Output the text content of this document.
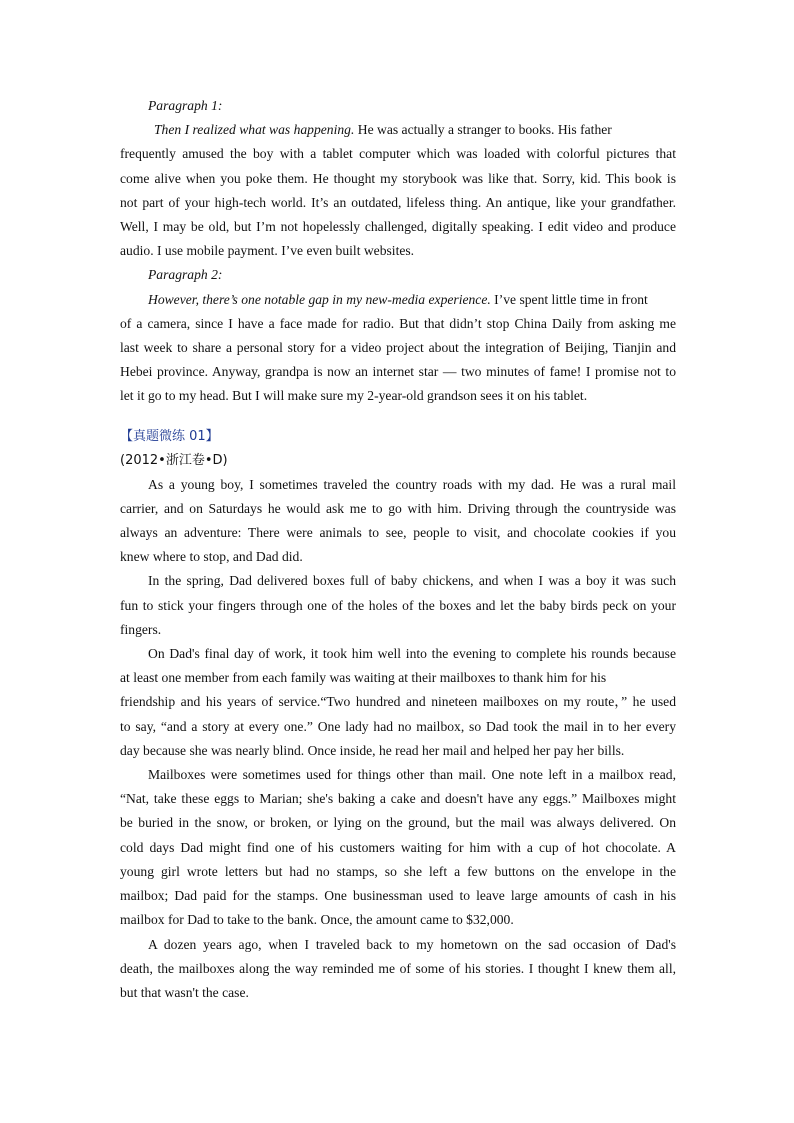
Paragraph 1:

Then I realized what was happening. He was actually a stranger to books. His father

frequently amused the boy with a tablet computer which was loaded with colorful pictures that

come alive when you poke them. He thought my storybook was like that. Sorry, kid. This book is

not part of your high-tech world. It’s an outdated, lifeless thing. An antique, like your grandfather.

Well, I may be old, but I’m not hopelessly challenged, digitally speaking. I edit video and produce

audio. I use mobile payment. I’ve even built websites.

Paragraph 2:

However, there’s one notable gap in my new-media experience. I’ve spent little time in front

of a camera, since I have a face made for radio. But that didn’t stop China Daily from asking me

last week to share a personal story for a video project about the integration of Beijing, Tianjin and

Hebei province. Anyway, grandpa is now an internet star — two minutes of fame! I promise not to

let it go to my head. But I will make sure my 2-year-old grandson sees it on his tablet.

【真题微练 01】

(2012•浙江卷•D)

As a young boy, I sometimes traveled the country roads with my dad. He was a rural mail

carrier, and on Saturdays he would ask me to go with him. Driving through the countryside was

always an adventure: There were animals to see, people to visit, and chocolate cookies if you

knew where to stop, and Dad did.

In the spring, Dad delivered boxes full of baby chickens, and when I was a boy it was such

fun to stick your fingers through one of the holes of the boxes and let the baby birds peck on your

fingers.

On Dad's final day of work, it took him well into the evening to complete his rounds because

at least one member from each family was waiting at their mailboxes to thank him for his

friendship and his years of service.“Two hundred and nineteen mailboxes on my route，” he used

to say, “and a story at every one.” One lady had no mailbox, so Dad took the mail in to her every

day because she was nearly blind. Once inside, he read her mail and helped her pay her bills.

Mailboxes were sometimes used for things other than mail. One note left in a mailbox read,

“Nat, take these eggs to Marian; she's baking a cake and doesn't have any eggs.” Mailboxes might

be buried in the snow, or broken, or lying on the ground, but the mail was always delivered. On

cold days Dad might find one of his customers waiting for him with a cup of hot chocolate. A

young girl wrote letters but had no stamps, so she left a few buttons on the envelope in the

mailbox; Dad paid for the stamps. One businessman used to leave large amounts of cash in his

mailbox for Dad to take to the bank. Once, the amount came to $32,000.

A dozen years ago, when I traveled back to my hometown on the sad occasion of Dad's

death, the mailboxes along the way reminded me of some of his stories. I thought I knew them all,

but that wasn't the case.
